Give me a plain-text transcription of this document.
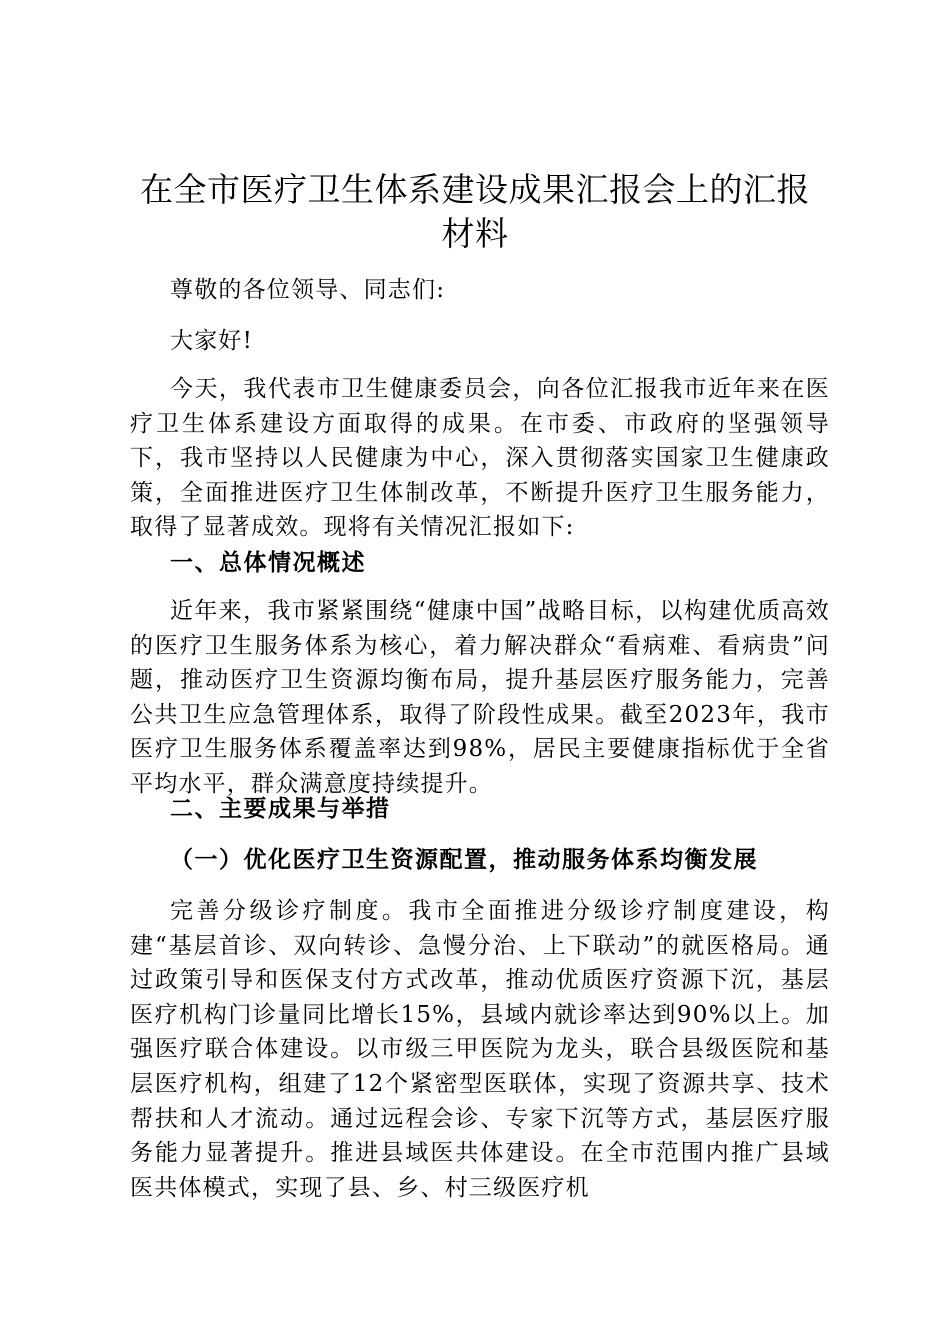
在全市医疗卫生体系建设成果汇报会上的汇报
材料
尊敬的各位领导、同志们:
大家好!
今天，我代表市卫生健康委员会，向各位汇报我市近年来在医疗卫生体系建设方面取得的成果。在市委、市政府的坚强领导下，我市坚持以人民健康为中心，深入贯彻落实国家卫生健康政策，全面推进医疗卫生体制改革，不断提升医疗卫生服务能力，取得了显著成效。现将有关情况汇报如下:
一、总体情况概述
近年来，我市紧紧围绕“健康中国”战略目标，以构建优质高效的医疗卫生服务体系为核心，着力解决群众“看病难、看病贵”问题，推动医疗卫生资源均衡布局，提升基层医疗服务能力，完善公共卫生应急管理体系，取得了阶段性成果。截至2023年，我市医疗卫生服务体系覆盖率达到98%，居民主要健康指标优于全省平均水平，群众满意度持续提升。
二、主要成果与举措
（一）优化医疗卫生资源配置，推动服务体系均衡发展
完善分级诊疗制度。我市全面推进分级诊疗制度建设，构建“基层首诊、双向转诊、急慢分治、上下联动”的就医格局。通过政策引导和医保支付方式改革，推动优质医疗资源下沉，基层医疗机构门诊量同比增长15%，县域内就诊率达到90%以上。加强医疗联合体建设。以市级三甲医院为龙头，联合县级医院和基层医疗机构，组建了12个紧密型医联体，实现了资源共享、技术帮扶和人才流动。通过远程会诊、专家下沉等方式，基层医疗服务能力显著提升。推进县域医共体建设。在全市范围内推广县域医共体模式，实现了县、乡、村三级医疗机
